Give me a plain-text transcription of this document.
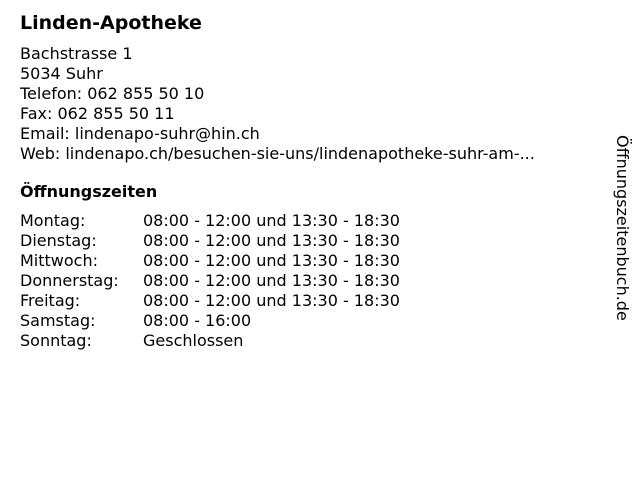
Linden-Apotheke
Bachstrasse 1
5034 Suhr
Telefon: 062 855 50 10
Fax: 062 855 50 11
Email: lindenapo-suhr@hin.ch
Web: lindenapo.ch/besuchen-sie-uns/lindenapotheke-suhr-am-...
Öffnungszeiten
Montag:	08:00 - 12:00 und 13:30 - 18:30
Dienstag:	08:00 - 12:00 und 13:30 - 18:30
Mittwoch:	08:00 - 12:00 und 13:30 - 18:30
Donnerstag:	08:00 - 12:00 und 13:30 - 18:30
Freitag:	08:00 - 12:00 und 13:30 - 18:30
Samstag:	08:00 - 16:00
Sonntag:	Geschlossen
Öffnungszeitenbuch.de
